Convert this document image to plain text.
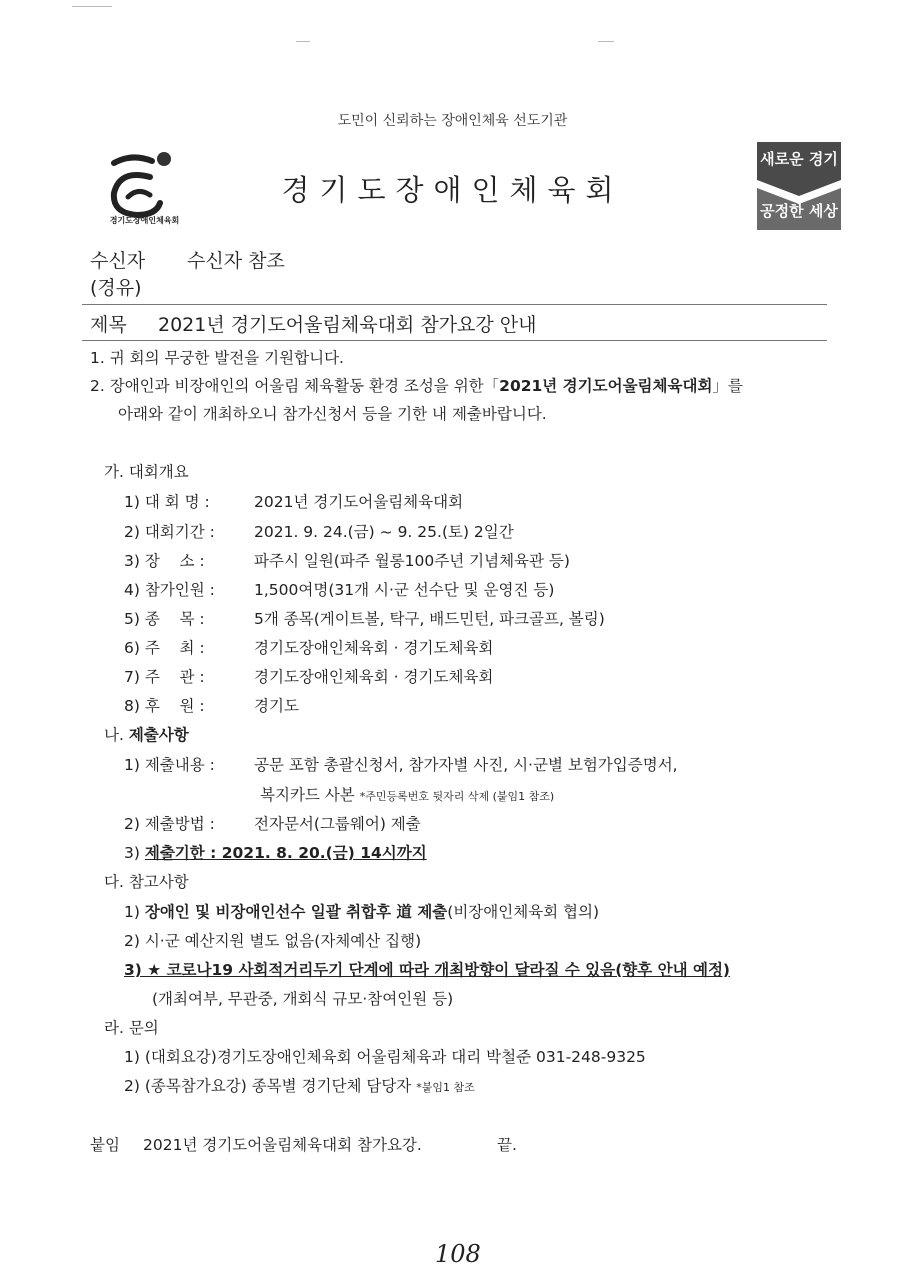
도민이 신뢰하는 장애인체육 선도기관
경기도장애인체육회
경기도장애인체육회
새로운 경기
공정한 세상
수신자 수신자 참조
(경유)
제목 2021년 경기도어울림체육대회 참가요강 안내
1. 귀 회의 무궁한 발전을 기원합니다.
2. 장애인과 비장애인의 어울림 체육활동 환경 조성을 위한「2021년 경기도어울림체육대회」를
아래와 같이 개최하오니 참가신청서 등을 기한 내 제출바랍니다.
가. 대회개요
1) 대 회 명 :	2021년 경기도어울림체육대회
2) 대회기간 :	2021. 9. 24.(금) ~ 9. 25.(토) 2일간
3) 장    소 :	파주시 일원(파주 월롱100주년 기념체육관 등)
4) 참가인원 :	1,500여명(31개 시·군 선수단 및 운영진 등)
5) 종    목 :	5개 종목(게이트볼, 탁구, 배드민턴, 파크골프, 볼링)
6) 주    최 :	경기도장애인체육회 · 경기도체육회
7) 주    관 :	경기도장애인체육회 · 경기도체육회
8) 후    원 :	경기도
나. 제출사항
1) 제출내용 :	공문 포함 총괄신청서, 참가자별 사진, 시·군별 보험가입증명서,
복지카드 사본 *주민등록번호 뒷자리 삭제 (붙임1 참조)
2) 제출방법 :	전자문서(그룹웨어) 제출
3) 제출기한 : 2021. 8. 20.(금) 14시까지
다. 참고사항
1) 장애인 및 비장애인선수 일괄 취합후 道 제출(비장애인체육회 협의)
2) 시·군 예산지원 별도 없음(자체예산 집행)
3) ★ 코로나19 사회적거리두기 단계에 따라 개최방향이 달라질 수 있음(향후 안내 예정)
(개최여부, 무관중, 개회식 규모·참여인원 등)
라. 문의
1) (대회요강)경기도장애인체육회 어울림체육과 대리 박철준 031-248-9325
2) (종목참가요강) 종목별 경기단체 담당자 *붙임1 참조
붙임 2021년 경기도어울림체육대회 참가요강.	끝.
108
